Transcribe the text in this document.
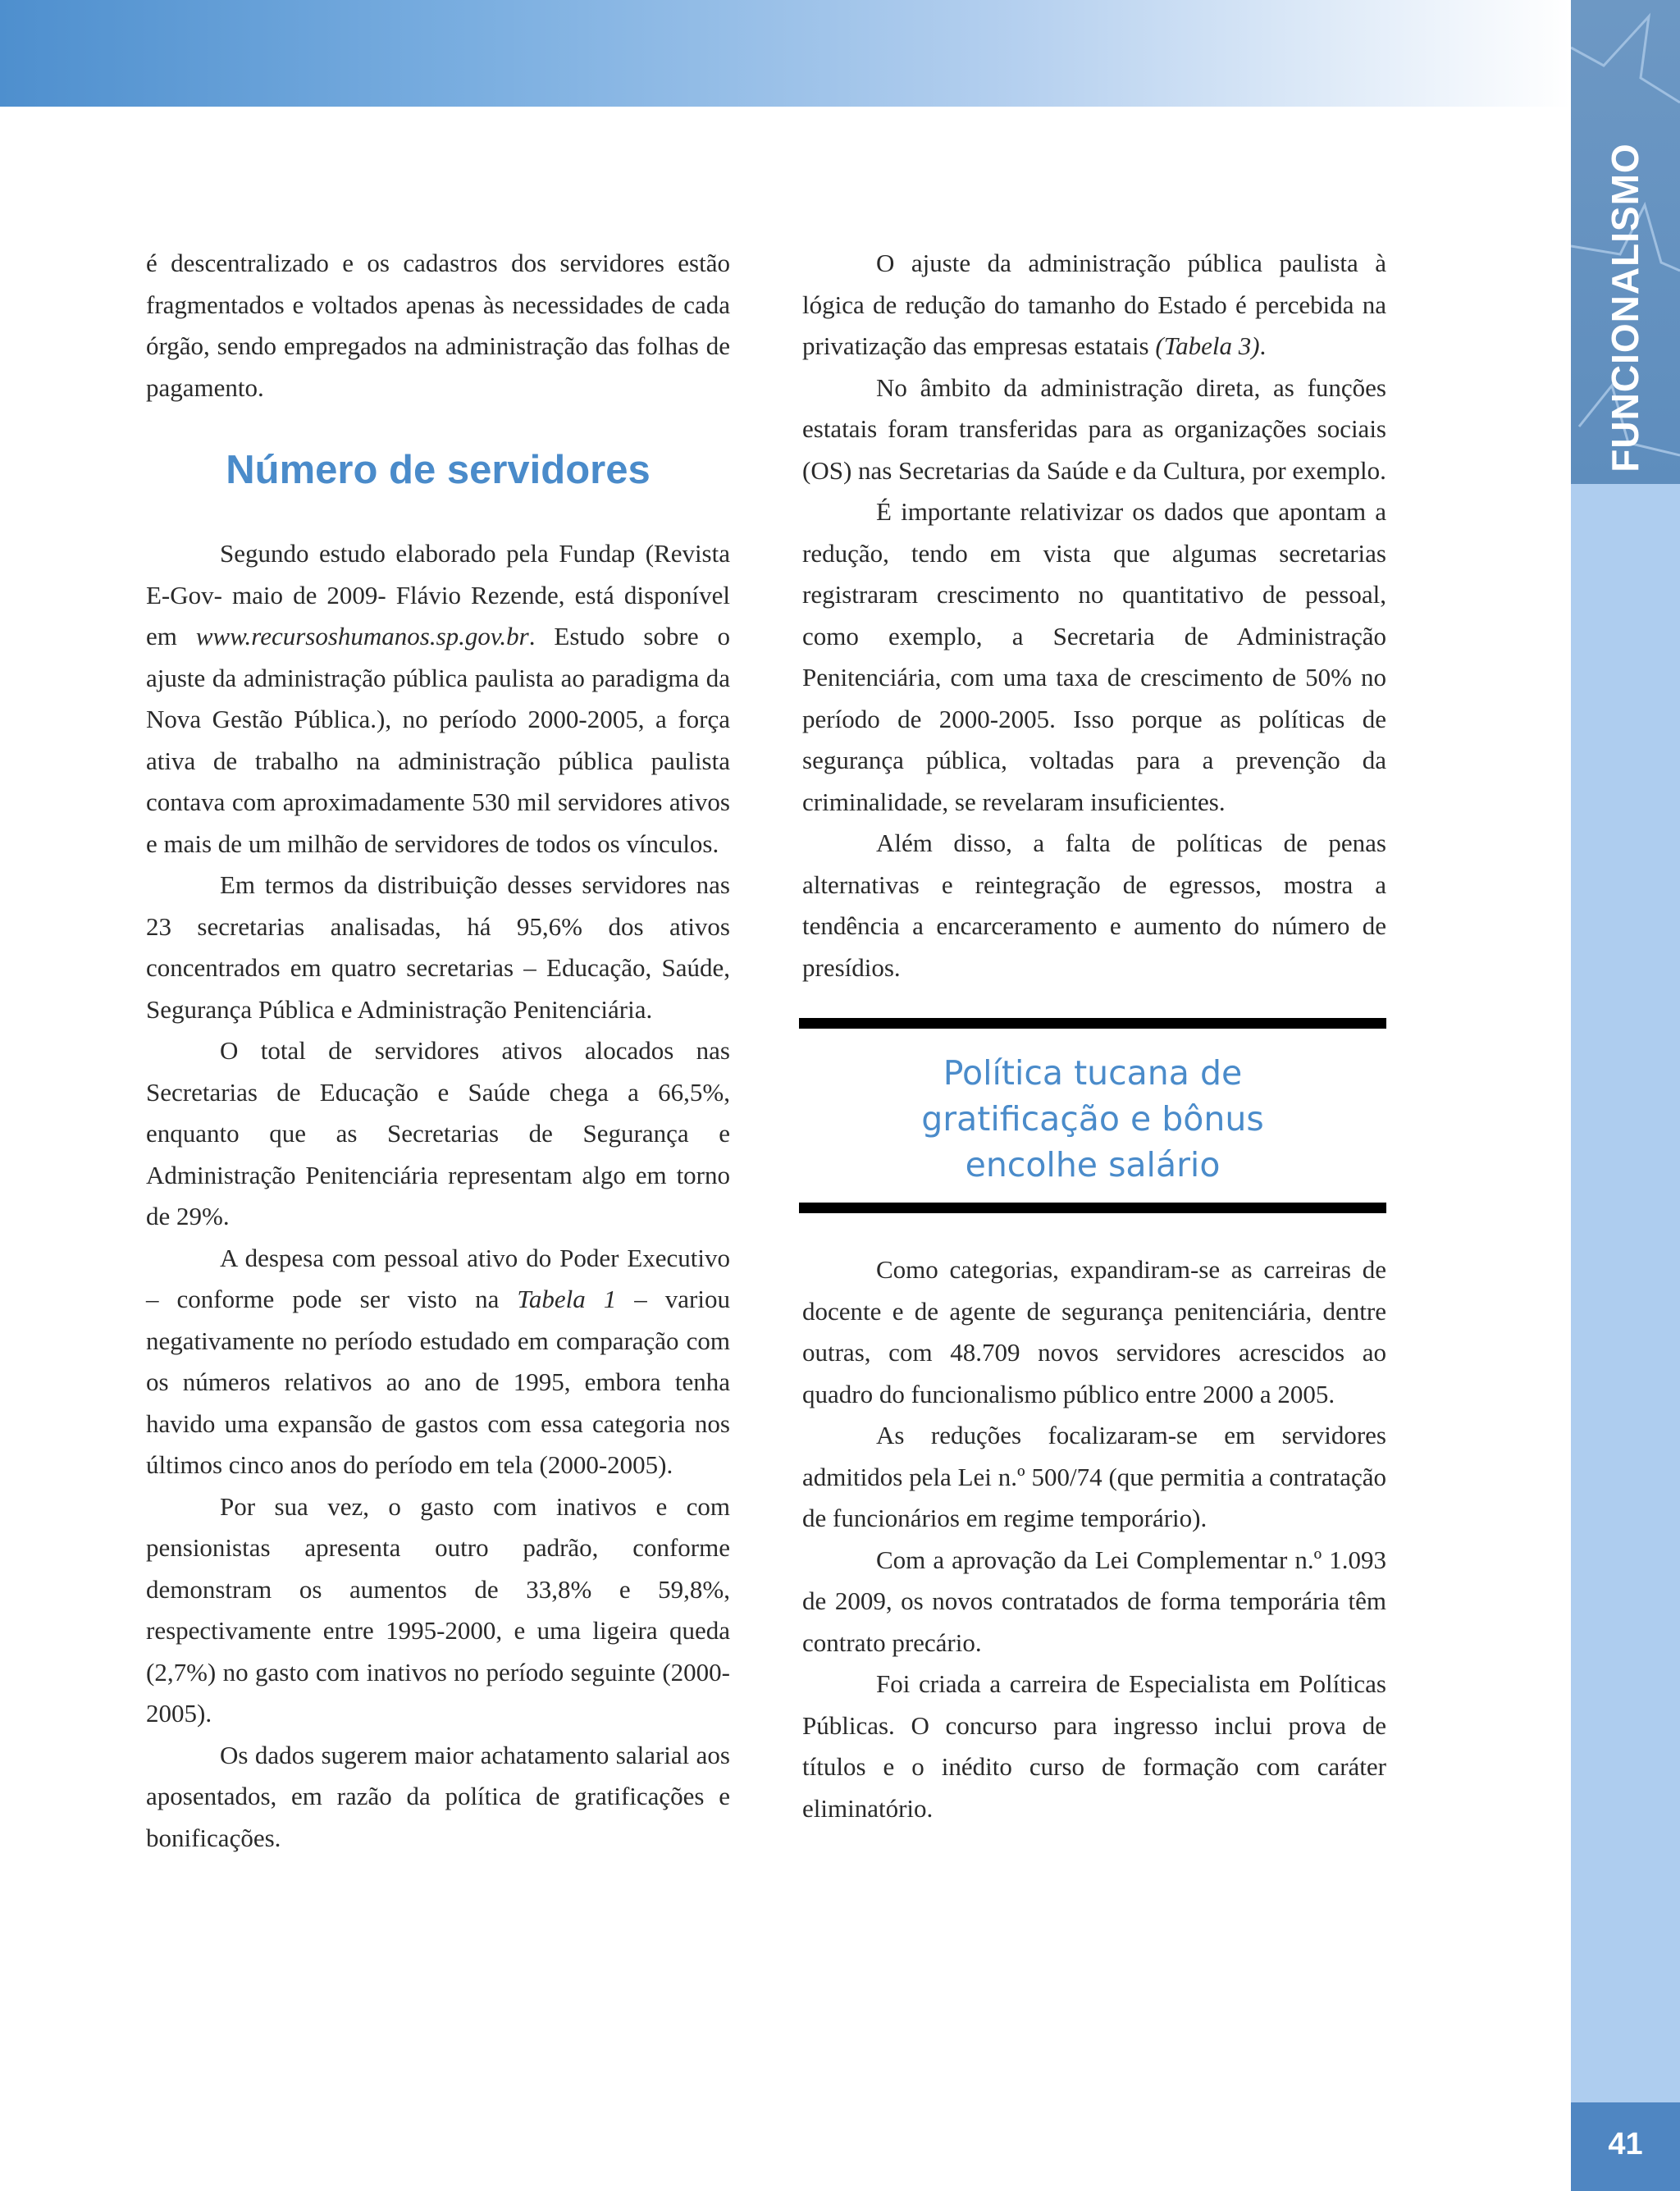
FUNCIONALISMO
41

é descentralizado e os cadastros dos servidores estão fragmentados e voltados apenas às necessidades de cada órgão, sendo empregados na administração das folhas de pagamento.

Número de servidores

Segundo estudo elaborado pela Fundap (Revista E-Gov- maio de 2009- Flávio Rezende, está disponível em www.recursoshumanos.sp.gov.br. Estudo sobre o ajuste da administração pública paulista ao paradigma da Nova Gestão Pública.), no período 2000-2005, a força ativa de trabalho na administração pública paulista contava com aproximadamente 530 mil servidores ativos e mais de um milhão de servidores de todos os vínculos.

Em termos da distribuição desses servidores nas 23 secretarias analisadas, há 95,6% dos ativos concentrados em quatro secretarias – Educação, Saúde, Segurança Pública e Administração Penitenciária.

O total de servidores ativos alocados nas Secretarias de Educação e Saúde chega a 66,5%, enquanto que as Secretarias de Segurança e Administração Penitenciária representam algo em torno de 29%.

A despesa com pessoal ativo do Poder Executivo – conforme pode ser visto na Tabela 1 – variou negativamente no período estudado em comparação com os números relativos ao ano de 1995, embora tenha havido uma expansão de gastos com essa categoria nos últimos cinco anos do período em tela (2000-2005).

Por sua vez, o gasto com inativos e com pensionistas apresenta outro padrão, conforme demonstram os aumentos de 33,8% e 59,8%, respectivamente entre 1995-2000, e uma ligeira queda (2,7%) no gasto com inativos no período seguinte (2000-2005).

Os dados sugerem maior achatamento salarial aos aposentados, em razão da política de gratificações e bonificações.

O ajuste da administração pública paulista à lógica de redução do tamanho do Estado é percebida na privatização das empresas estatais (Tabela 3).

No âmbito da administração direta, as funções estatais foram transferidas para as organizações sociais (OS) nas Secretarias da Saúde e da Cultura, por exemplo.

É importante relativizar os dados que apontam a redução, tendo em vista que algumas secretarias registraram crescimento no quantitativo de pessoal, como exemplo, a Secretaria de Administração Penitenciária, com uma taxa de crescimento de 50% no período de 2000-2005. Isso porque as políticas de segurança pública, voltadas para a prevenção da criminalidade, se revelaram insuficientes.

Além disso, a falta de políticas de penas alternativas e reintegração de egressos, mostra a tendência a encarceramento e aumento do número de presídios.

Política tucana de
gratificação e bônus
encolhe salário

Como categorias, expandiram-se as carreiras de docente e de agente de segurança penitenciária, dentre outras, com 48.709 novos servidores acrescidos ao quadro do funcionalismo público entre 2000 a 2005.

As reduções focalizaram-se em servidores admitidos pela Lei n.º 500/74 (que permitia a contratação de funcionários em regime temporário).

Com a aprovação da Lei Complementar n.º 1.093 de 2009, os novos contratados de forma temporária têm contrato precário.

Foi criada a carreira de Especialista em Políticas Públicas. O concurso para ingresso inclui prova de títulos e o inédito curso de formação com caráter eliminatório.
